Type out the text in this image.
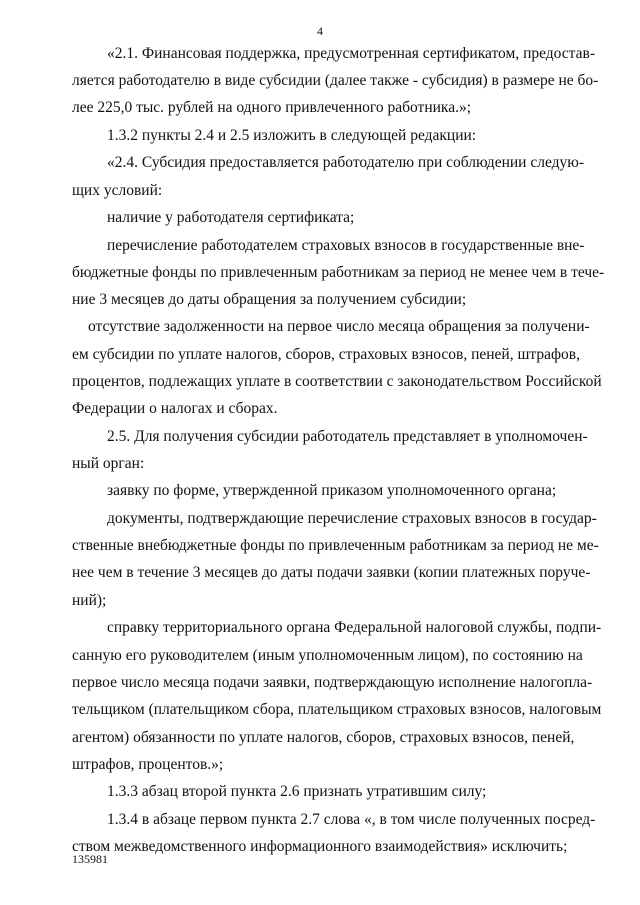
4
«2.1. Финансовая поддержка, предусмотренная сертификатом, предостав-
ляется работодателю в виде субсидии (далее также - субсидия) в размере не бо-
лее 225,0 тыс. рублей на одного привлеченного работника.»;
1.3.2 пункты 2.4 и 2.5 изложить в следующей редакции:
«2.4. Субсидия предоставляется работодателю при соблюдении следую-
щих условий:
наличие у работодателя сертификата;
перечисление работодателем страховых взносов в государственные вне-
бюджетные фонды по привлеченным работникам за период не менее чем в тече-
ние 3 месяцев до даты обращения за получением субсидии;
отсутствие задолженности на первое число месяца обращения за получени-
ем субсидии по уплате налогов, сборов, страховых взносов, пеней, штрафов,
процентов, подлежащих уплате в соответствии с законодательством Российской
Федерации о налогах и сборах.
2.5. Для получения субсидии работодатель представляет в уполномочен-
ный орган:
заявку по форме, утвержденной приказом уполномоченного органа;
документы, подтверждающие перечисление страховых взносов в государ-
ственные внебюджетные фонды по привлеченным работникам за период не ме-
нее чем в течение 3 месяцев до даты подачи заявки (копии платежных поруче-
ний);
справку территориального органа Федеральной налоговой службы, подпи-
санную его руководителем (иным уполномоченным лицом), по состоянию на
первое число месяца подачи заявки, подтверждающую исполнение налогопла-
тельщиком (плательщиком сбора, плательщиком страховых взносов, налоговым
агентом) обязанности по уплате налогов, сборов, страховых взносов, пеней,
штрафов, процентов.»;
1.3.3 абзац второй пункта 2.6 признать утратившим силу;
1.3.4 в абзаце первом пункта 2.7 слова «, в том числе полученных посред-
ством межведомственного информационного взаимодействия» исключить;
135981
